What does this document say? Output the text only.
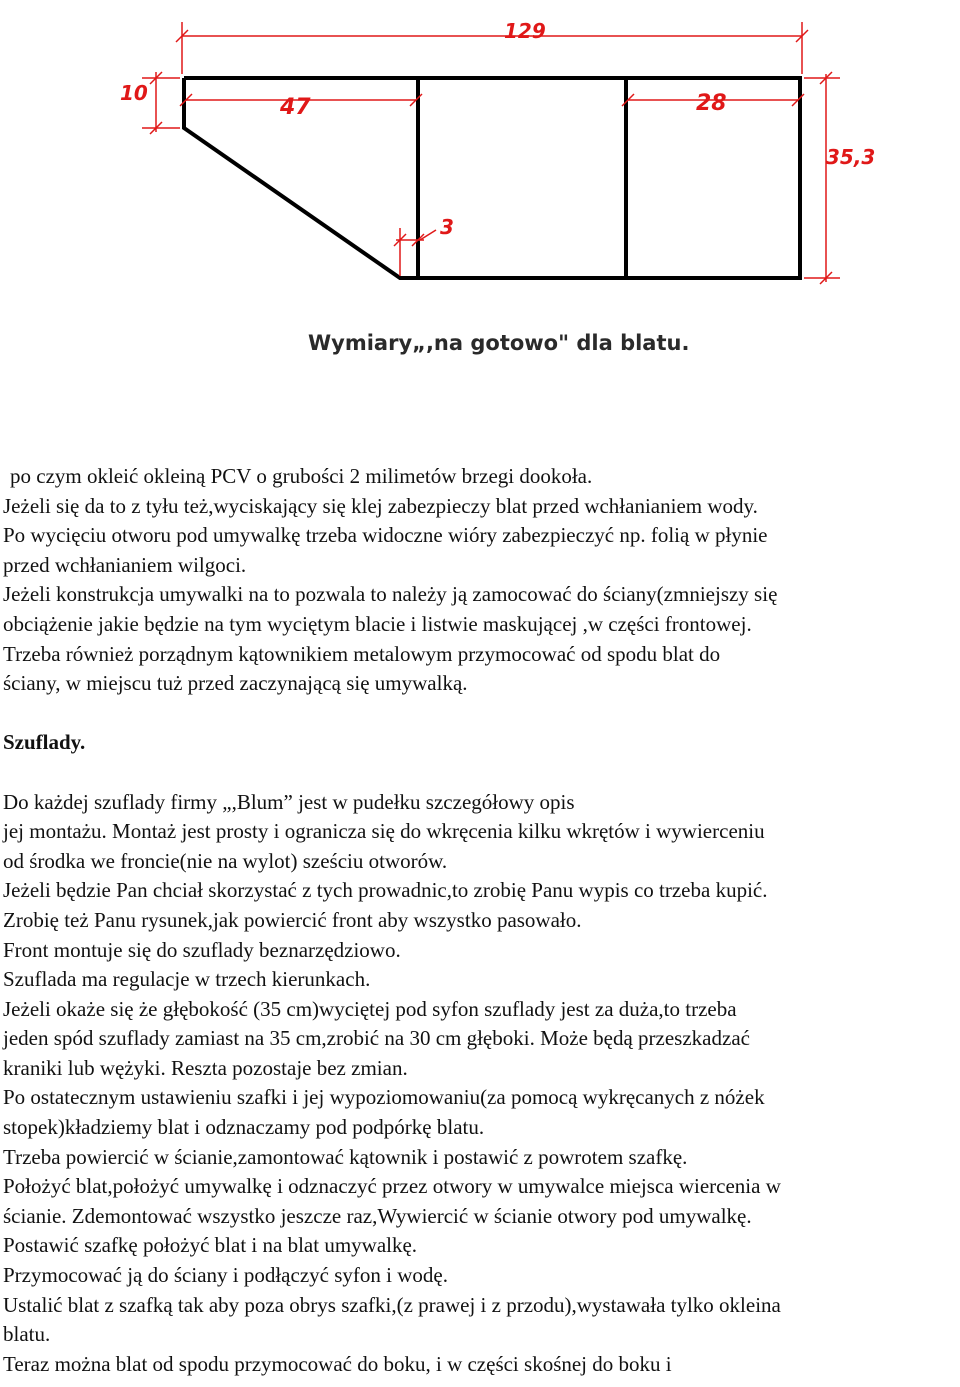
129
10
47	28
35,3
3
Wymiary„,na gotowo" dla blatu.

po czym okleić okleiną PCV o grubości 2 milimetów brzegi dookoła.

Jeżeli się da to z tyłu też,wyciskający się klej zabezpieczy blat przed wchłanianiem wody.

Po wycięciu otworu pod umywalkę trzeba widoczne wióry zabezpieczyć np. folią w płynie

przed wchłanianiem wilgoci.

Jeżeli konstrukcja umywalki na to pozwala to należy ją zamocować do ściany(zmniejszy się

obciążenie jakie będzie na tym wyciętym blacie i listwie maskującej ,w części frontowej.

Trzeba również porządnym kątownikiem metalowym przymocować od spodu blat do

ściany, w miejscu tuż przed zaczynającą się umywalką.

Szuflady.

Do każdej szuflady firmy „,Blum” jest w pudełku szczegółowy opis

jej montażu. Montaż jest prosty i ogranicza się do wkręcenia kilku wkrętów i wywierceniu

od środka we froncie(nie na wylot) sześciu otworów.

Jeżeli będzie Pan chciał skorzystać z tych prowadnic,to zrobię Panu wypis co trzeba kupić.

Zrobię też Panu rysunek,jak powiercić front aby wszystko pasowało.

Front montuje się do szuflady beznarzędziowo.

Szuflada ma regulacje w trzech kierunkach.

Jeżeli okaże się że głębokość (35 cm)wyciętej pod syfon szuflady jest za duża,to trzeba

jeden spód szuflady zamiast na 35 cm,zrobić na 30 cm głęboki. Może będą przeszkadzać

kraniki lub wężyki. Reszta pozostaje bez zmian.

Po ostatecznym ustawieniu szafki i jej wypoziomowaniu(za pomocą wykręcanych z nóżek

stopek)kładziemy blat i odznaczamy pod podpórkę blatu.

Trzeba powiercić w ścianie,zamontować kątownik i postawić z powrotem szafkę.

Położyć blat,położyć umywalkę i odznaczyć przez otwory w umywalce miejsca wiercenia w

ścianie. Zdemontować wszystko jeszcze raz,Wywiercić w ścianie otwory pod umywalkę.

Postawić szafkę położyć blat i na blat umywalkę.

Przymocować ją do ściany i podłączyć syfon i wodę.

Ustalić blat z szafką tak aby poza obrys szafki,(z prawej i z przodu),wystawała tylko okleina

blatu.

Teraz można blat od spodu przymocować do boku, i w części skośnej do boku i
